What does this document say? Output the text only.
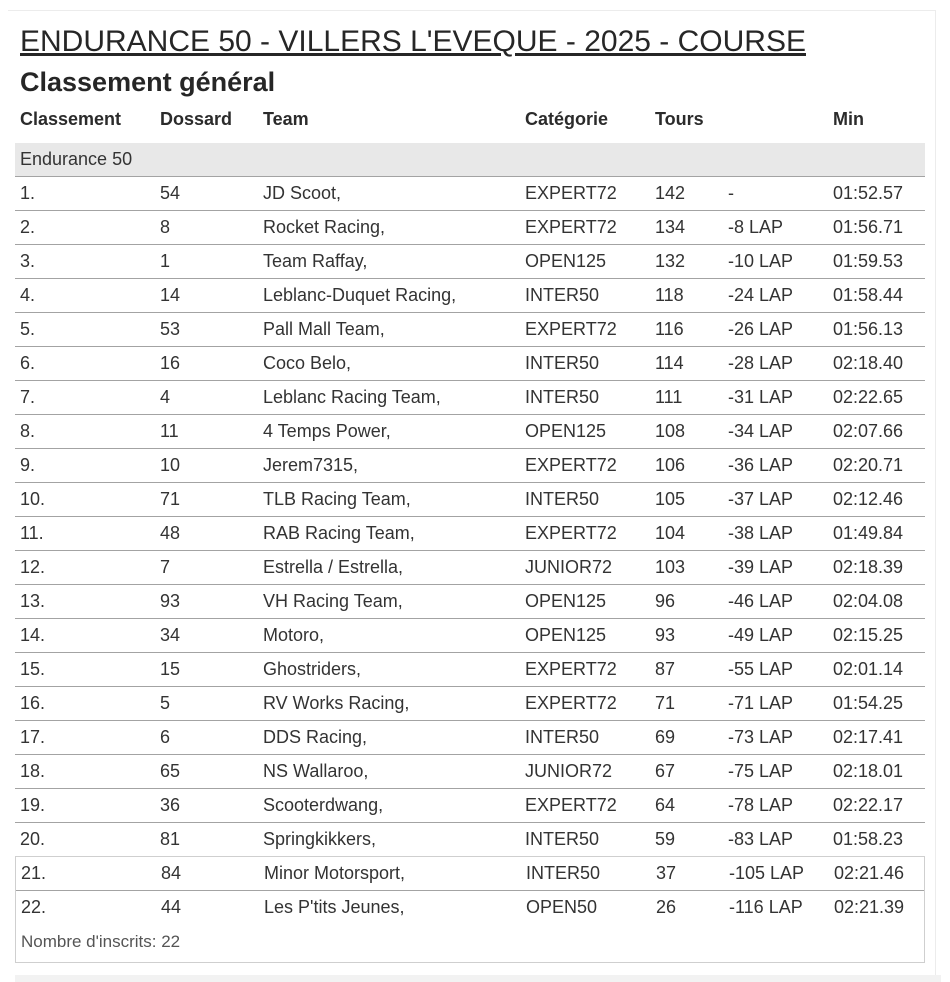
ENDURANCE 50 - VILLERS L'EVEQUE - 2025 - COURSE
Classement général
Classement	Dossard	Team	Catégorie	Tours		Min
Endurance 50						
1.	54	JD Scoot,	EXPERT72	142	-	01:52.57
2.	8	Rocket Racing,	EXPERT72	134	-8 LAP	01:56.71
3.	1	Team Raffay,	OPEN125	132	-10 LAP	01:59.53
4.	14	Leblanc-Duquet Racing,	INTER50	118	-24 LAP	01:58.44
5.	53	Pall Mall Team,	EXPERT72	116	-26 LAP	01:56.13
6.	16	Coco Belo,	INTER50	114	-28 LAP	02:18.40
7.	4	Leblanc Racing Team,	INTER50	111	-31 LAP	02:22.65
8.	11	4 Temps Power,	OPEN125	108	-34 LAP	02:07.66
9.	10	Jerem7315,	EXPERT72	106	-36 LAP	02:20.71
10.	71	TLB Racing Team,	INTER50	105	-37 LAP	02:12.46
11.	48	RAB Racing Team,	EXPERT72	104	-38 LAP	01:49.84
12.	7	Estrella / Estrella,	JUNIOR72	103	-39 LAP	02:18.39
13.	93	VH Racing Team,	OPEN125	96	-46 LAP	02:04.08
14.	34	Motoro,	OPEN125	93	-49 LAP	02:15.25
15.	15	Ghostriders,	EXPERT72	87	-55 LAP	02:01.14
16.	5	RV Works Racing,	EXPERT72	71	-71 LAP	01:54.25
17.	6	DDS Racing,	INTER50	69	-73 LAP	02:17.41
18.	65	NS Wallaroo,	JUNIOR72	67	-75 LAP	02:18.01
19.	36	Scooterdwang,	EXPERT72	64	-78 LAP	02:22.17
20.	81	Springkikkers,	INTER50	59	-83 LAP	01:58.23
21.	84	Minor Motorsport,	INTER50	37	-105 LAP	02:21.46
22.	44	Les P'tits Jeunes,	OPEN50	26	-116 LAP	02:21.39
Nombre d'inscrits: 22
